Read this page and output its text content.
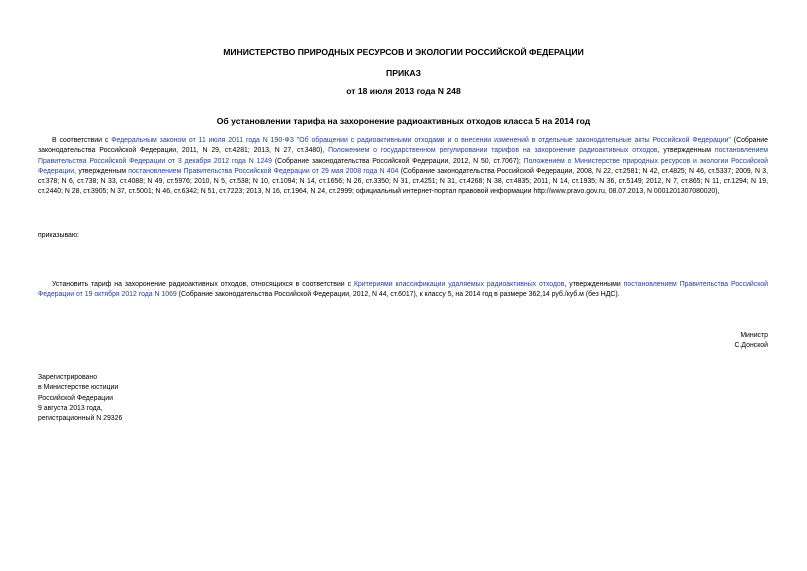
МИНИСТЕРСТВО ПРИРОДНЫХ РЕСУРСОВ И ЭКОЛОГИИ РОССИЙСКОЙ ФЕДЕРАЦИИ
ПРИКАЗ
от 18 июля 2013 года N 248
Об установлении тарифа на захоронение радиоактивных отходов класса 5 на 2014 год
В соответствии с Федеральным законом от 11 июля 2011 года N 190-ФЗ "Об обращении с радиоактивными отходами и о внесении изменений в отдельные законодательные акты Российской Федерации" (Собрание законодательства Российской Федерации, 2011, N 29, ст.4281; 2013, N 27, ст.3480), Положением о государственном регулировании тарифов на захоронение радиоактивных отходов, утвержденным постановлением Правительства Российской Федерации от 3 декабря 2012 года N 1249 (Собрание законодательства Российской Федерации, 2012, N 50, ст.7067); Положением о Министерстве природных ресурсов и экологии Российской Федерации, утвержденным постановлением Правительства Российской Федерации от 29 мая 2008 года N 404 (Собрание законодательства Российской Федерации, 2008, N 22, ст.2581; N 42, ст.4825; N 46, ст.5337; 2009, N 3, ст.378; N 6, ст.738; N 33, ст.4088; N 49, ст.5976; 2010, N 5, ст.538; N 10, ст.1094; N 14, ст.1656; N 26, ст.3350; N 31, ст.4251; N 31, ст.4268; N 38, ст.4835; 2011, N 14, ст.1935; N 36, ст.5149; 2012, N 7, ст.865; N 11, ст.1294; N 19, ст.2440; N 28, ст.3905; N 37, ст.5001; N 46, ст.6342; N 51, ст.7223; 2013, N 16, ст.1964, N 24, ст.2999; официальный интернет-портал правовой информации http://www.pravo.gov.ru, 08.07.2013, N 0001201307080020),
приказываю:
Установить тариф на захоронение радиоактивных отходов, относящихся в соответствии с Критериями классификации удаляемых радиоактивных отходов, утвержденными постановлением Правительства Российской Федерации от 19 октября 2012 года N 1069 (Собрание законодательства Российской Федерации, 2012, N 44, ст.6017), к классу 5, на 2014 год в размере 362,14 руб./куб.м (без НДС).
Министр
С.Донской
Зарегистрировано
в Министерстве юстиции
Российской Федерации
9 августа 2013 года,
регистрационный N 29326
